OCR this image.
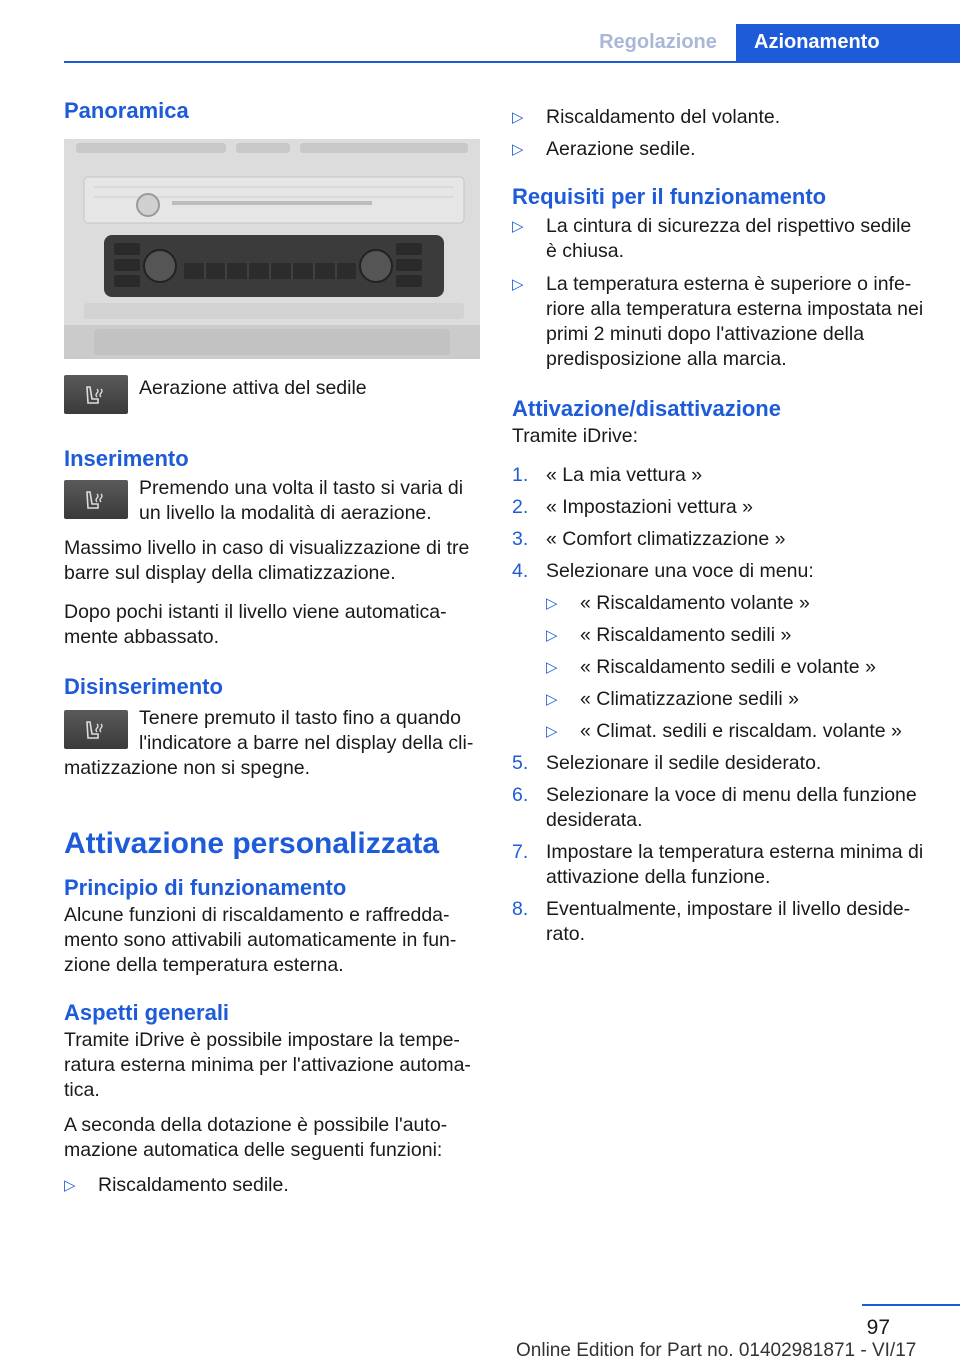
Regolazione	Azionamento
Panoramica

Aerazione attiva del sedile

Inserimento

Premendo una volta il tasto si varia di un livello la modalità di aerazione.

Massimo livello in caso di visualizzazione di tre barre sul display della climatizzazione.

Dopo pochi istanti il livello viene automatica‐mente abbassato.

Disinserimento

Tenere premuto il tasto fino a quando l'indicatore a barre nel display della cli‐matizzazione non si spegne.

Attivazione personalizzata
Principio di funzionamento

Alcune funzioni di riscaldamento e raffredda‐mento sono attivabili automaticamente in fun‐zione della temperatura esterna.

Aspetti generali

Tramite iDrive è possibile impostare la tempe‐ratura esterna minima per l'attivazione automa‐tica.

A seconda della dotazione è possibile l'auto‐mazione automatica delle seguenti funzioni:

▷	Riscaldamento sedile.
▷	Riscaldamento del volante.
▷	Aerazione sedile.
Requisiti per il funzionamento
▷	La cintura di sicurezza del rispettivo sedile è chiusa.
▷	La temperatura esterna è superiore o infe‐riore alla temperatura esterna impostata nei primi 2 minuti dopo l'attivazione della predisposizione alla marcia.
Attivazione/disattivazione

Tramite iDrive:

1. « La mia vettura »
2. « Impostazioni vettura »
3. « Comfort climatizzazione »
4. Selezionare una voce di menu:
▷	« Riscaldamento volante »
▷	« Riscaldamento sedili »
▷	« Riscaldamento sedili e volante »
▷	« Climatizzazione sedili »
▷	« Climat. sedili e riscaldam. volante »
5. Selezionare il sedile desiderato.
6. Selezionare la voce di menu della funzione desiderata.
7. Impostare la temperatura esterna minima di attivazione della funzione.
8. Eventualmente, impostare il livello deside‐rato.
97
Online Edition for Part no. 01402981871 - VI/17
